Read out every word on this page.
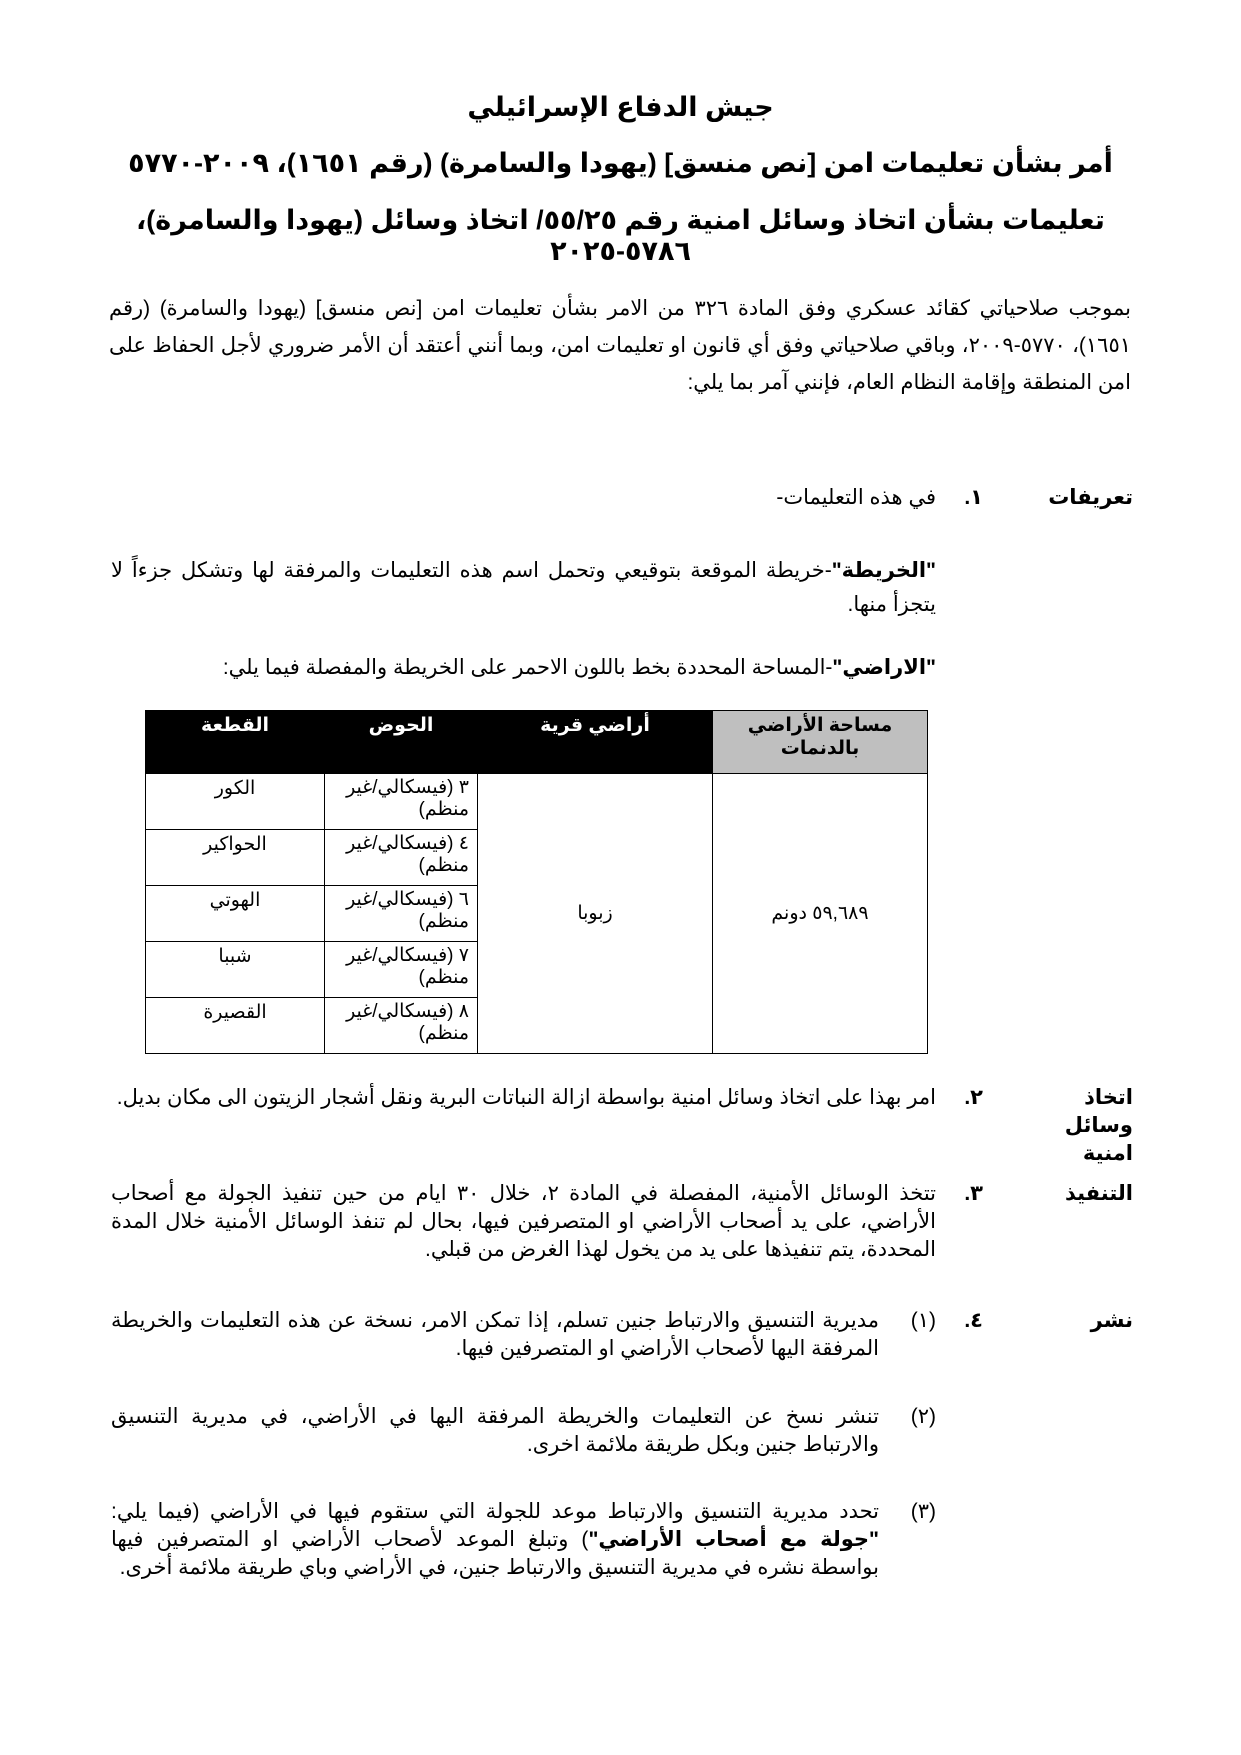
جيش الدفاع الإسرائيلي
أمر بشأن تعليمات امن [نص منسق] (يهودا والسامرة) (رقم ١٦٥١)، ٢٠٠٩-٥٧٧٠
تعليمات بشأن اتخاذ وسائل امنية رقم ٥٥/٢٥/ اتخاذ وسائل (يهودا والسامرة)، ٥٧٨٦-٢٠٢٥

بموجب صلاحياتي كقائد عسكري وفق المادة ٣٢٦ من الامر بشأن تعليمات امن [نص منسق] (يهودا والسامرة) (رقم ١٦٥١)، ٥٧٧٠-٢٠٠٩، وباقي صلاحياتي وفق أي قانون او تعليمات امن، وبما أنني أعتقد أن الأمر ضروري لأجل الحفاظ على امن المنطقة وإقامة النظام العام، فإنني آمر بما يلي:

تعريفات
١.
في هذه التعليمات-

"الخريطة"-خريطة الموقعة بتوقيعي وتحمل اسم هذه التعليمات والمرفقة لها وتشكل جزءاً لا يتجزأ منها.

"الاراضي"-المساحة المحددة بخط باللون الاحمر على الخريطة والمفصلة فيما يلي:

مساحة الأراضي بالدنمات	أراضي قرية	الحوض	القطعة
٥٩,٦٨٩ دونم	زبوبا	٣ (فيسكالي/غير منظم)	الكور
		٤ (فيسكالي/غير منظم)	الحواكير
		٦ (فيسكالي/غير منظم)	الهوتي
		٧ (فيسكالي/غير منظم)	شببا
		٨ (فيسكالي/غير منظم)	القصيرة
اتخاذ وسائل امنية
٢.
امر بهذا على اتخاذ وسائل امنية بواسطة ازالة النباتات البرية ونقل أشجار الزيتون الى مكان بديل.
التنفيذ
٣.
تتخذ الوسائل الأمنية، المفصلة في المادة ٢، خلال ٣٠ ايام من حين تنفيذ الجولة مع أصحاب الأراضي، على يد أصحاب الأراضي او المتصرفين فيها، بحال لم تنفذ الوسائل الأمنية خلال المدة المحددة، يتم تنفيذها على يد من يخول لهذا الغرض من قبلي.
نشر
٤.
(١)
مديرية التنسيق والارتباط جنين تسلم، إذا تمكن الامر، نسخة عن هذه التعليمات والخريطة المرفقة اليها لأصحاب الأراضي او المتصرفين فيها.
(٢)
تنشر نسخ عن التعليمات والخريطة المرفقة اليها في الأراضي، في مديرية التنسيق والارتباط جنين وبكل طريقة ملائمة اخرى.
(٣)
تحدد مديرية التنسيق والارتباط موعد للجولة التي ستقوم فيها في الأراضي (فيما يلي: "جولة مع أصحاب الأراضي") وتبلغ الموعد لأصحاب الأراضي او المتصرفين فيها بواسطة نشره في مديرية التنسيق والارتباط جنين، في الأراضي وباي طريقة ملائمة أخرى.
